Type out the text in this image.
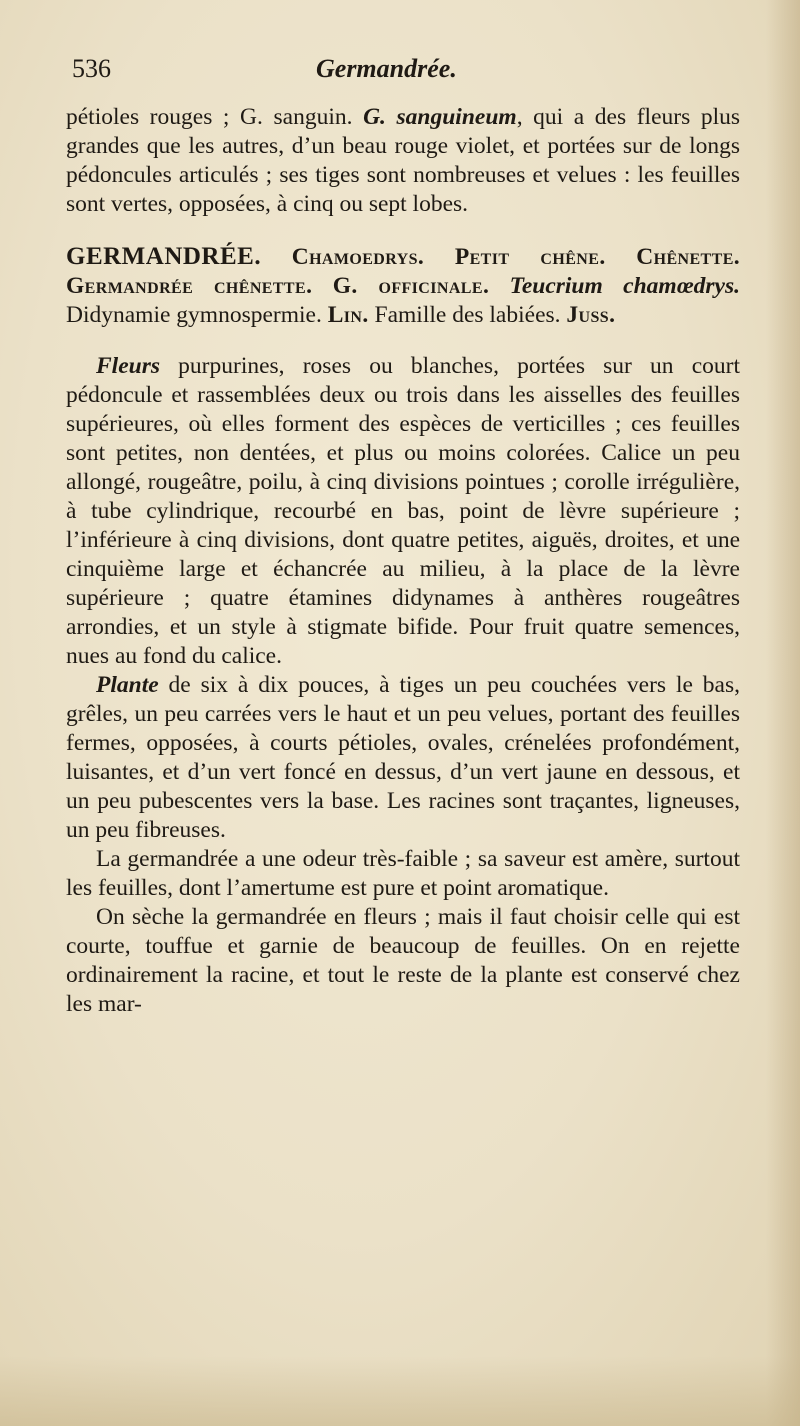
536	Germandrée.

pétioles rouges ; G. sanguin. G. sanguineum, qui a des fleurs plus grandes que les autres, d’un beau rouge violet, et portées sur de longs pédoncules articulés ; ses tiges sont nombreuses et velues : les feuilles sont vertes, opposées, à cinq ou sept lobes.

GERMANDRÉE. Chamoedrys. Petit chêne. Chênette. Germandrée chênette. G. officinale. Teucrium chamœdrys. Didynamie gymnospermie. Lin. Famille des labiées. Juss.

Fleurs purpurines, roses ou blanches, portées sur un court pédoncule et rassemblées deux ou trois dans les aisselles des feuilles supérieures, où elles forment des espèces de verticilles ; ces feuilles sont petites, non dentées, et plus ou moins colorées. Calice un peu allongé, rougeâtre, poilu, à cinq divisions pointues ; corolle irrégulière, à tube cylindrique, recourbé en bas, point de lèvre supérieure ; l’inférieure à cinq divisions, dont quatre petites, aiguës, droites, et une cinquième large et échancrée au milieu, à la place de la lèvre supérieure ; quatre étamines didynames à anthères rougeâtres arrondies, et un style à stigmate bifide. Pour fruit quatre semences, nues au fond du calice.

Plante de six à dix pouces, à tiges un peu couchées vers le bas, grêles, un peu carrées vers le haut et un peu velues, portant des feuilles fermes, opposées, à courts pétioles, ovales, crénelées profondément, luisantes, et d’un vert foncé en dessus, d’un vert jaune en dessous, et un peu pubescentes vers la base. Les racines sont traçantes, ligneuses, un peu fibreuses.

La germandrée a une odeur très-faible ; sa saveur est amère, surtout les feuilles, dont l’amertume est pure et point aromatique.

On sèche la germandrée en fleurs ; mais il faut choisir celle qui est courte, touffue et garnie de beaucoup de feuilles. On en rejette ordinairement la racine, et tout le reste de la plante est conservé chez les mar-
